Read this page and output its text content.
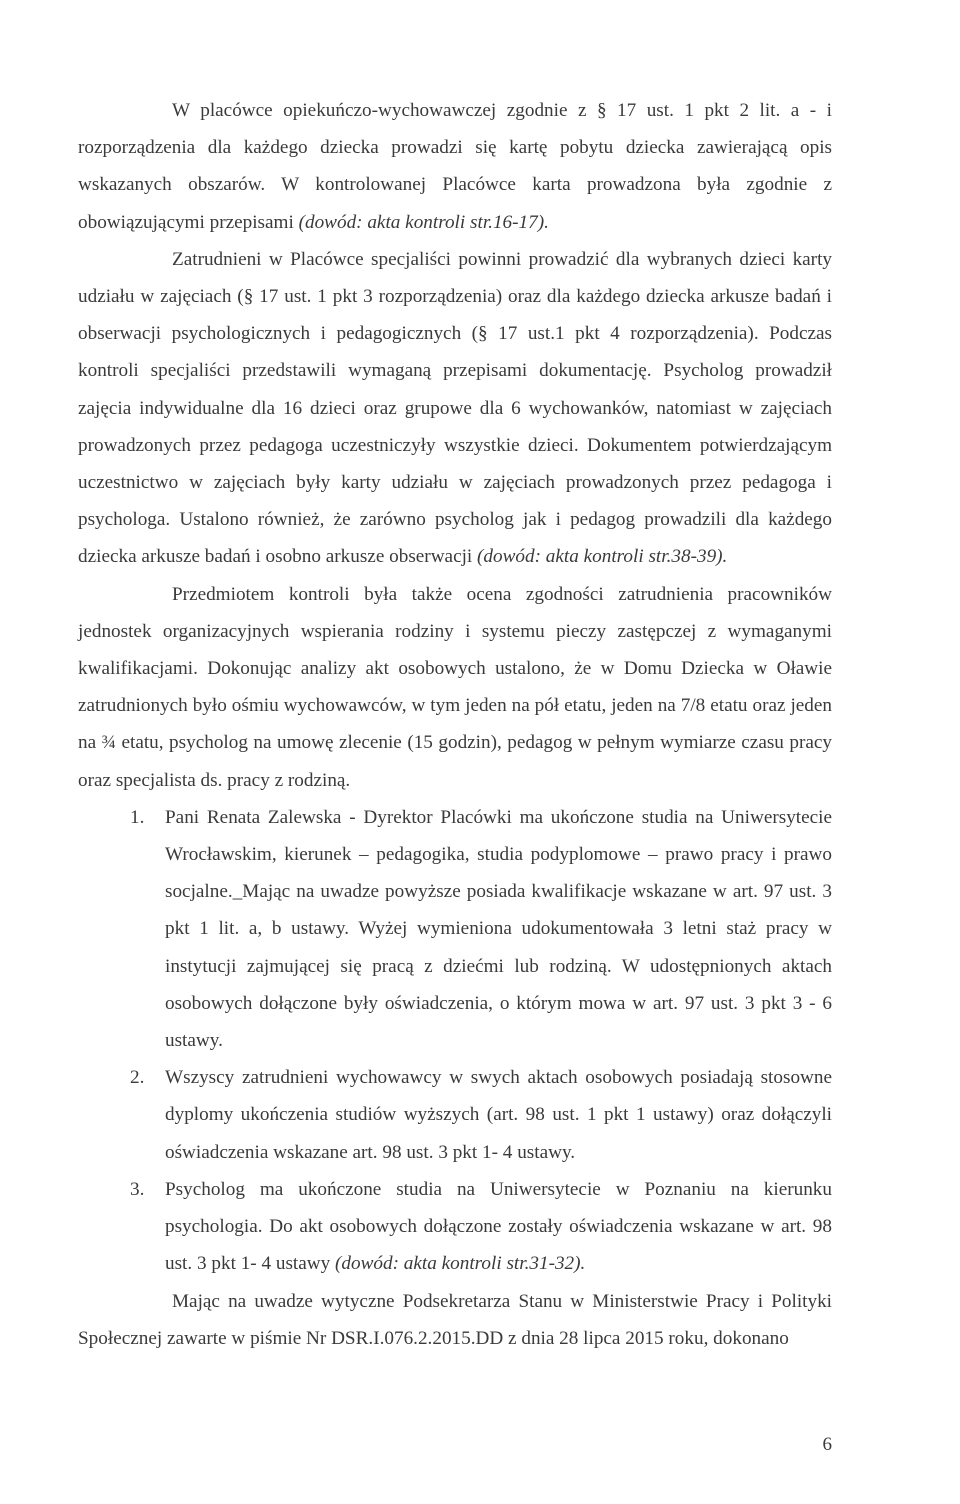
W placówce opiekuńczo-wychowawczej zgodnie z § 17 ust. 1 pkt 2 lit. a - i rozporządzenia dla każdego dziecka prowadzi się kartę pobytu dziecka zawierającą opis wskazanych obszarów. W kontrolowanej Placówce karta prowadzona była zgodnie z obowiązującymi przepisami (dowód: akta kontroli str.16-17).

Zatrudnieni w Placówce specjaliści powinni prowadzić dla wybranych dzieci karty udziału w zajęciach (§ 17 ust. 1 pkt 3 rozporządzenia) oraz dla każdego dziecka arkusze badań i obserwacji psychologicznych i pedagogicznych (§ 17 ust.1 pkt 4 rozporządzenia). Podczas kontroli specjaliści przedstawili wymaganą przepisami dokumentację. Psycholog prowadził zajęcia indywidualne dla 16 dzieci oraz grupowe dla 6 wychowanków, natomiast w zajęciach prowadzonych przez pedagoga uczestniczyły wszystkie dzieci. Dokumentem potwierdzającym uczestnictwo w zajęciach były karty udziału w zajęciach prowadzonych przez pedagoga i psychologa. Ustalono również, że zarówno psycholog jak i pedagog prowadzili dla każdego dziecka arkusze badań i osobno arkusze obserwacji (dowód: akta kontroli str.38-39).

Przedmiotem kontroli była także ocena zgodności zatrudnienia pracowników jednostek organizacyjnych wspierania rodziny i systemu pieczy zastępczej z wymaganymi kwalifikacjami. Dokonując analizy akt osobowych ustalono, że w Domu Dziecka w Oławie zatrudnionych było ośmiu wychowawców, w tym jeden na pół etatu, jeden na 7/8 etatu oraz jeden na ¾ etatu, psycholog na umowę zlecenie (15 godzin), pedagog w pełnym wymiarze czasu pracy oraz specjalista ds. pracy z rodziną.

1. Pani Renata Zalewska - Dyrektor Placówki ma ukończone studia na Uniwersytecie Wrocławskim, kierunek – pedagogika, studia podyplomowe – prawo pracy i prawo socjalne._Mając na uwadze powyższe posiada kwalifikacje wskazane w art. 97 ust. 3 pkt 1 lit. a, b ustawy. Wyżej wymieniona udokumentowała 3 letni staż pracy w instytucji zajmującej się pracą z dziećmi lub rodziną. W udostępnionych aktach osobowych dołączone były oświadczenia, o którym mowa w art. 97 ust. 3 pkt 3 - 6 ustawy.
2. Wszyscy zatrudnieni wychowawcy w swych aktach osobowych posiadają stosowne dyplomy ukończenia studiów wyższych (art. 98 ust. 1 pkt 1 ustawy) oraz dołączyli oświadczenia wskazane art. 98 ust. 3 pkt 1- 4 ustawy.
3. Psycholog ma ukończone studia na Uniwersytecie w Poznaniu na kierunku psychologia. Do akt osobowych dołączone zostały oświadczenia wskazane w art. 98 ust. 3 pkt 1- 4 ustawy (dowód: akta kontroli str.31-32).

Mając na uwadze wytyczne Podsekretarza Stanu w Ministerstwie Pracy i Polityki Społecznej zawarte w piśmie Nr DSR.I.076.2.2015.DD z dnia 28 lipca 2015 roku, dokonano

6
